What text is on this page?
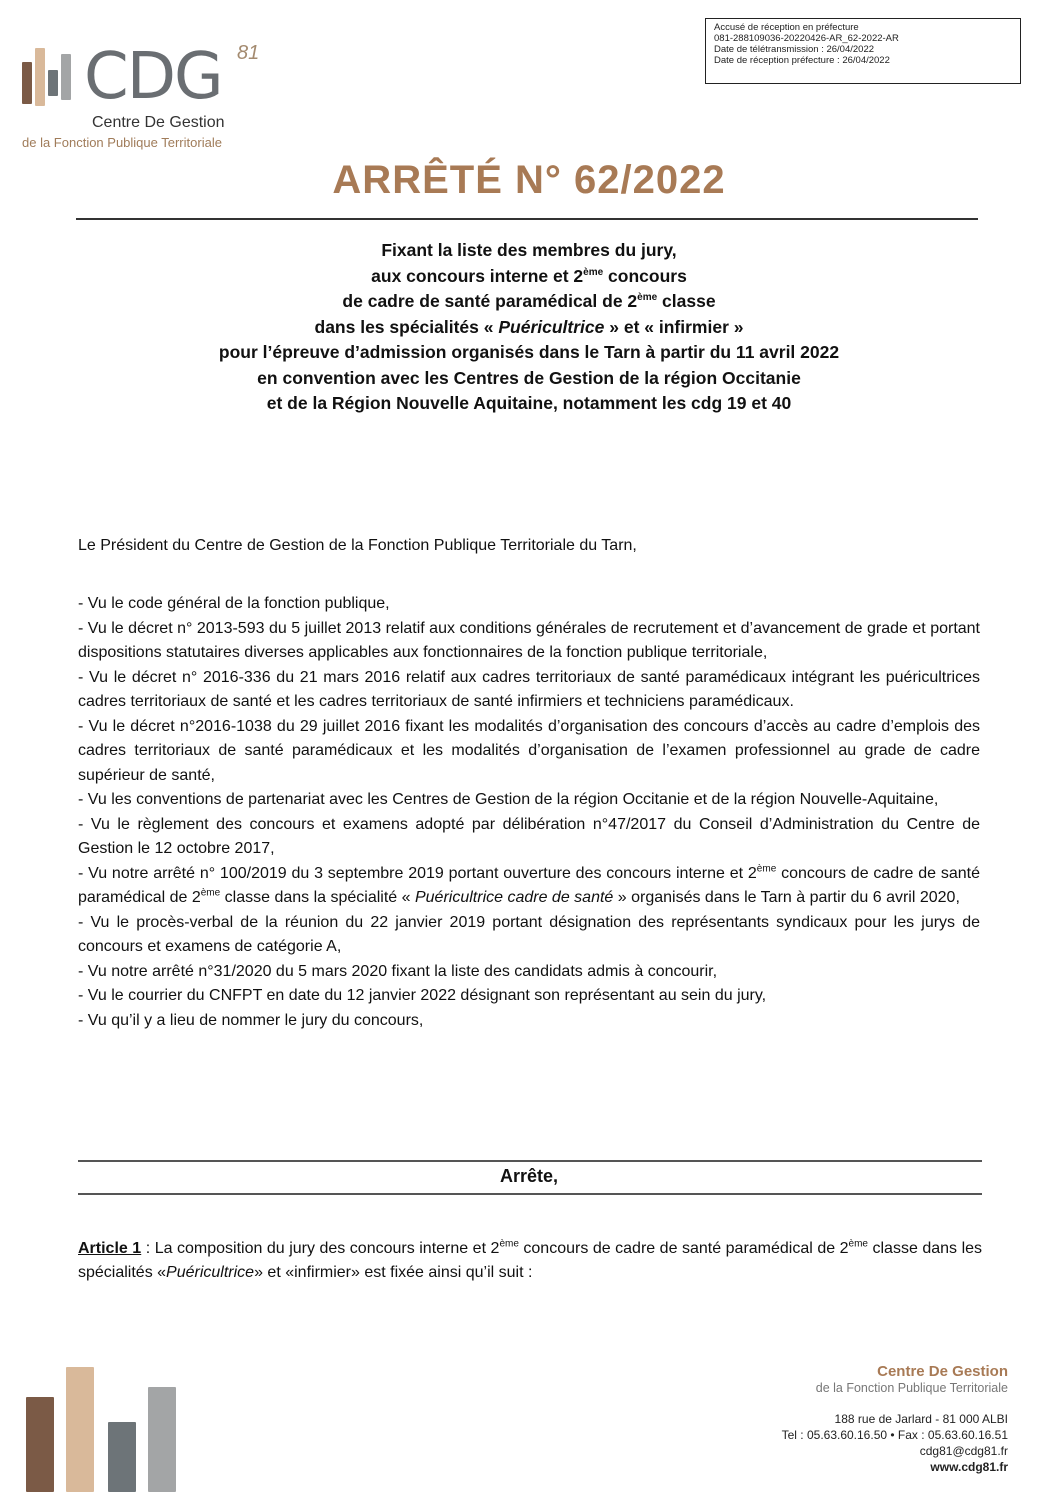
Accusé de réception en préfecture
081-288109036-20220426-AR_62-2022-AR
Date de télétransmission : 26/04/2022
Date de réception préfecture : 26/04/2022
CDG 81
Centre De Gestion
de la Fonction Publique Territoriale
ARRÊTÉ N° 62/2022
Fixant la liste des membres du jury,
aux concours interne et 2ème concours
de cadre de santé paramédical de 2ème classe
dans les spécialités « Puéricultrice » et « infirmier »
pour l’épreuve d’admission organisés dans le Tarn à partir du 11 avril 2022
en convention avec les Centres de Gestion de la région Occitanie
et de la Région Nouvelle Aquitaine, notamment les cdg 19 et 40
Le Président du Centre de Gestion de la Fonction Publique Territoriale du Tarn,

- Vu le code général de la fonction publique,

- Vu le décret n° 2013-593 du 5 juillet 2013 relatif aux conditions générales de recrutement et d’avancement de grade et portant dispositions statutaires diverses applicables aux fonctionnaires de la fonction publique territoriale,

- Vu le décret n° 2016-336 du 21 mars 2016 relatif aux cadres territoriaux de santé paramédicaux intégrant les puéricultrices cadres territoriaux de santé et les cadres territoriaux de santé infirmiers et techniciens paramédicaux.

- Vu le décret n°2016-1038 du 29 juillet 2016 fixant les modalités d’organisation des concours d’accès au cadre d’emplois des cadres territoriaux de santé paramédicaux et les modalités d’organisation de l’examen professionnel au grade de cadre supérieur de santé,

- Vu les conventions de partenariat avec les Centres de Gestion de la région Occitanie et de la région Nouvelle-Aquitaine,

- Vu le règlement des concours et examens adopté par délibération n°47/2017 du Conseil d’Administration du Centre de Gestion le 12 octobre 2017,

- Vu notre arrêté n° 100/2019 du 3 septembre 2019 portant ouverture des concours interne et 2ème concours de cadre de santé paramédical de 2ème classe dans la spécialité « Puéricultrice cadre de santé » organisés dans le Tarn à partir du 6 avril 2020,

- Vu le procès-verbal de la réunion du 22 janvier 2019 portant désignation des représentants syndicaux pour les jurys de concours et examens de catégorie A,

- Vu notre arrêté n°31/2020 du 5 mars 2020 fixant la liste des candidats admis à concourir,

- Vu le courrier du CNFPT en date du 12 janvier 2022 désignant son représentant au sein du jury,

- Vu qu’il y a lieu de nommer le jury du concours,

Arrête,
Article 1 : La composition du jury des concours interne et 2ème concours de cadre de santé paramédical de 2ème classe dans les spécialités «Puéricultrice» et «infirmier» est fixée ainsi qu’il suit :
Centre De Gestion
de la Fonction Publique Territoriale
188 rue de Jarlard - 81 000 ALBI
Tel : 05.63.60.16.50 • Fax : 05.63.60.16.51
cdg81@cdg81.fr
www.cdg81.fr
